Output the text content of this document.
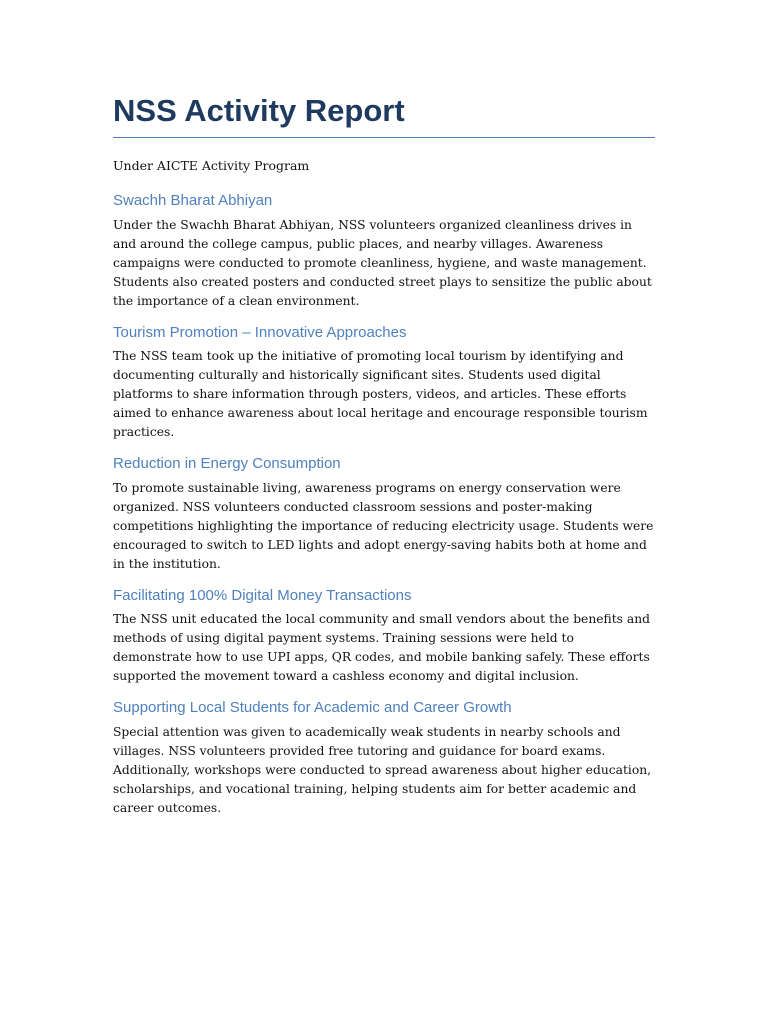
NSS Activity Report

Under AICTE Activity Program

Swachh Bharat Abhiyan

Under the Swachh Bharat Abhiyan, NSS volunteers organized cleanliness drives in and around the college campus, public places, and nearby villages. Awareness campaigns were conducted to promote cleanliness, hygiene, and waste management. Students also created posters and conducted street plays to sensitize the public about the importance of a clean environment.

Tourism Promotion – Innovative Approaches

The NSS team took up the initiative of promoting local tourism by identifying and documenting culturally and historically significant sites. Students used digital platforms to share information through posters, videos, and articles. These efforts aimed to enhance awareness about local heritage and encourage responsible tourism practices.

Reduction in Energy Consumption

To promote sustainable living, awareness programs on energy conservation were organized. NSS volunteers conducted classroom sessions and poster-making competitions highlighting the importance of reducing electricity usage. Students were encouraged to switch to LED lights and adopt energy-saving habits both at home and in the institution.

Facilitating 100% Digital Money Transactions

The NSS unit educated the local community and small vendors about the benefits and methods of using digital payment systems. Training sessions were held to demonstrate how to use UPI apps, QR codes, and mobile banking safely. These efforts supported the movement toward a cashless economy and digital inclusion.

Supporting Local Students for Academic and Career Growth

Special attention was given to academically weak students in nearby schools and villages. NSS volunteers provided free tutoring and guidance for board exams. Additionally, workshops were conducted to spread awareness about higher education, scholarships, and vocational training, helping students aim for better academic and career outcomes.
